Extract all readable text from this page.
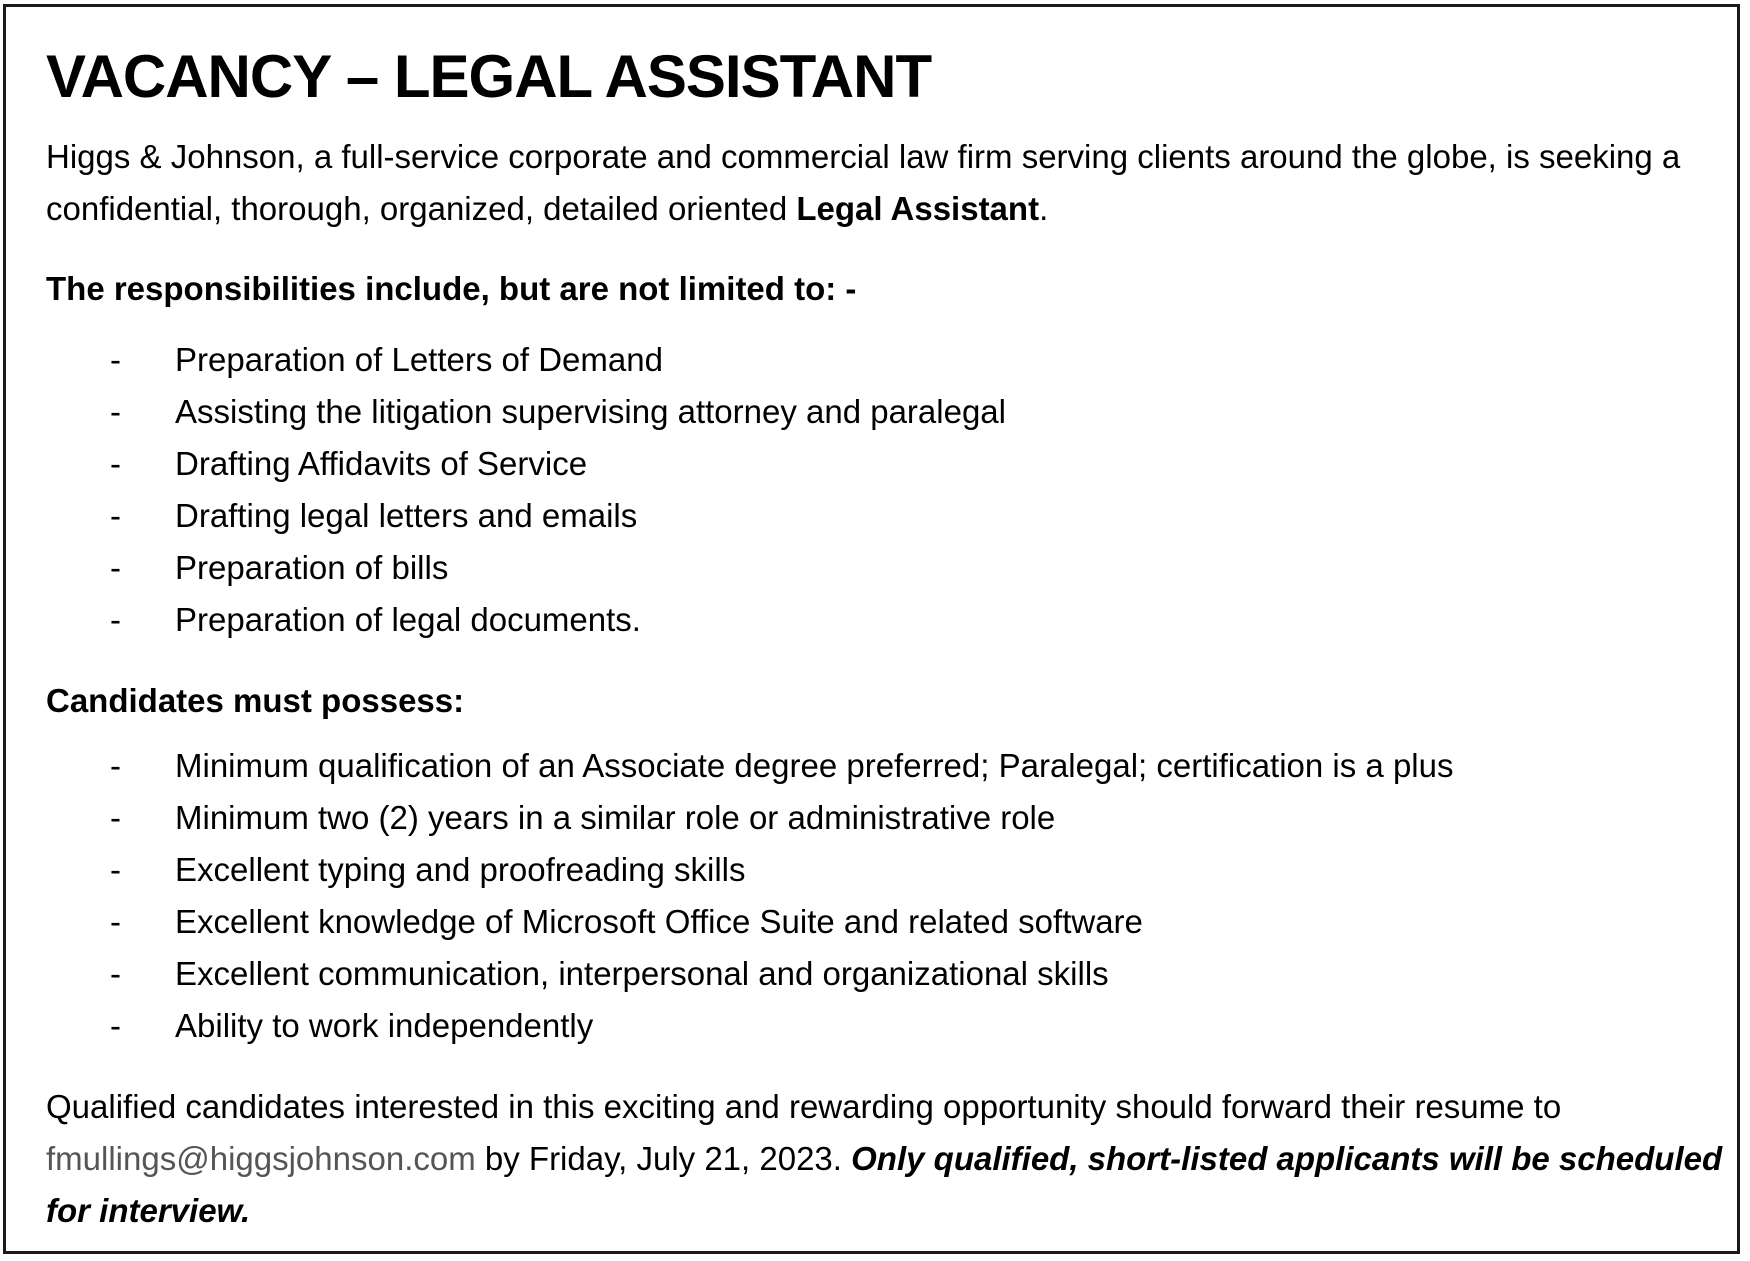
VACANCY – LEGAL ASSISTANT

Higgs & Johnson, a full-service corporate and commercial law firm serving clients around the globe, is seeking a confidential, thorough, organized, detailed oriented Legal Assistant.

The responsibilities include, but are not limited to: -

- Preparation of Letters of Demand
- Assisting the litigation supervising attorney and paralegal
- Drafting Affidavits of Service
- Drafting legal letters and emails
- Preparation of bills
- Preparation of legal documents.

Candidates must possess:

- Minimum qualification of an Associate degree preferred; Paralegal; certification is a plus
- Minimum two (2) years in a similar role or administrative role
- Excellent typing and proofreading skills
- Excellent knowledge of Microsoft Office Suite and related software
- Excellent communication, interpersonal and organizational skills
- Ability to work independently

Qualified candidates interested in this exciting and rewarding opportunity should forward their resume to fmullings@higgsjohnson.com by Friday, July 21, 2023. Only qualified, short-listed applicants will be scheduled for interview.
